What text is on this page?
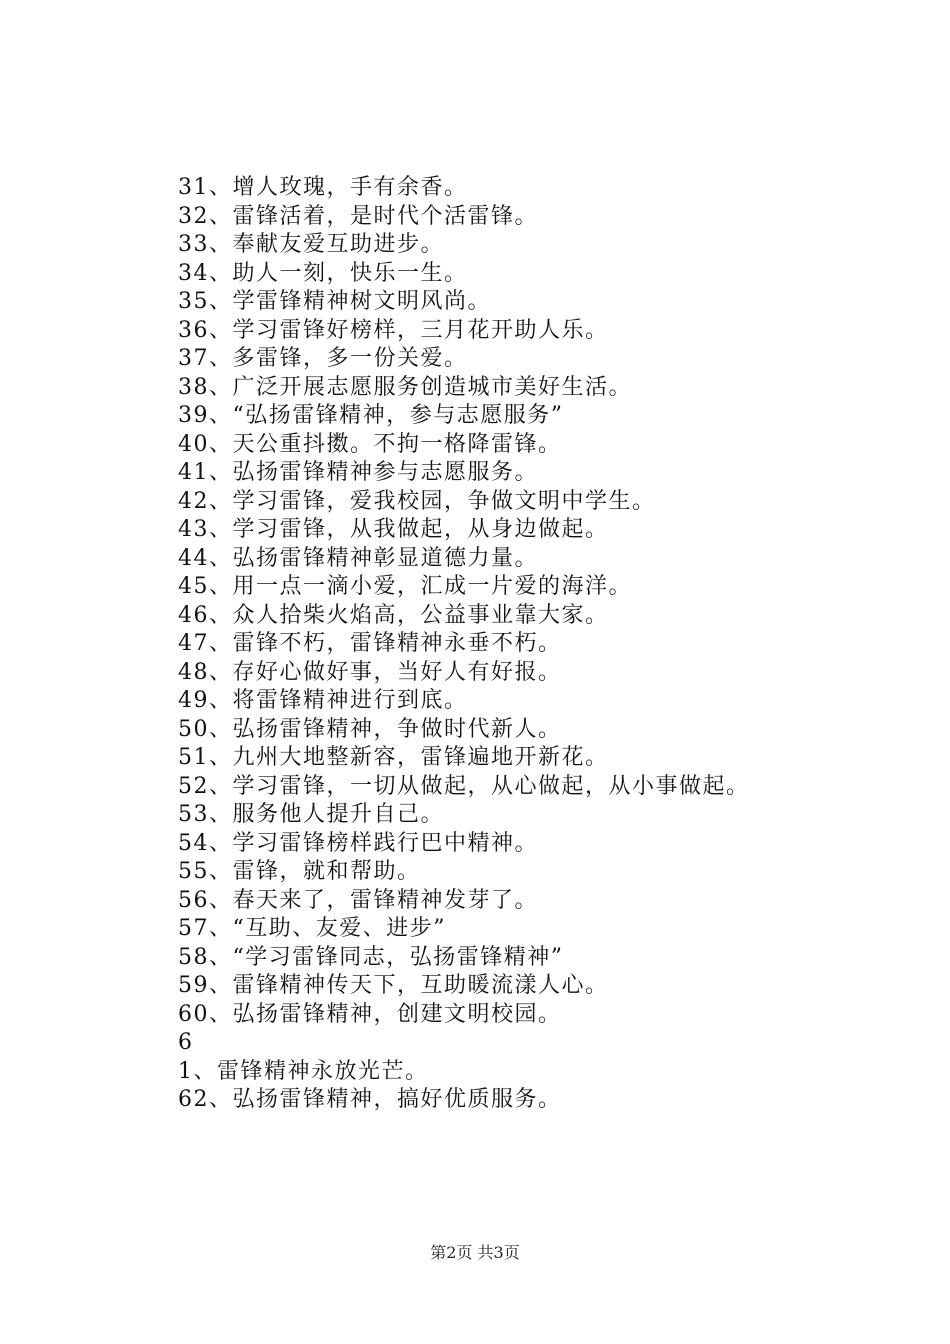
31、增人玫瑰，手有余香。
32、雷锋活着，是时代个活雷锋。
33、奉献友爱互助进步。
34、助人一刻，快乐一生。
35、学雷锋精神树文明风尚。
36、学习雷锋好榜样，三月花开助人乐。
37、多雷锋，多一份关爱。
38、广泛开展志愿服务创造城市美好生活。
39、“弘扬雷锋精神，参与志愿服务”
40、天公重抖擞。不拘一格降雷锋。
41、弘扬雷锋精神参与志愿服务。
42、学习雷锋，爱我校园，争做文明中学生。
43、学习雷锋，从我做起，从身边做起。
44、弘扬雷锋精神彰显道德力量。
45、用一点一滴小爱，汇成一片爱的海洋。
46、众人拾柴火焰高，公益事业靠大家。
47、雷锋不朽，雷锋精神永垂不朽。
48、存好心做好事，当好人有好报。
49、将雷锋精神进行到底。
50、弘扬雷锋精神，争做时代新人。
51、九州大地整新容，雷锋遍地开新花。
52、学习雷锋，一切从做起，从心做起，从小事做起。
53、服务他人提升自己。
54、学习雷锋榜样践行巴中精神。
55、雷锋，就和帮助。
56、春天来了，雷锋精神发芽了。
57、“互助、友爱、进步”
58、“学习雷锋同志，弘扬雷锋精神”
59、雷锋精神传天下，互助暖流漾人心。
60、弘扬雷锋精神，创建文明校园。
6
1、雷锋精神永放光芒。
62、弘扬雷锋精神，搞好优质服务。
第2页 共3页
